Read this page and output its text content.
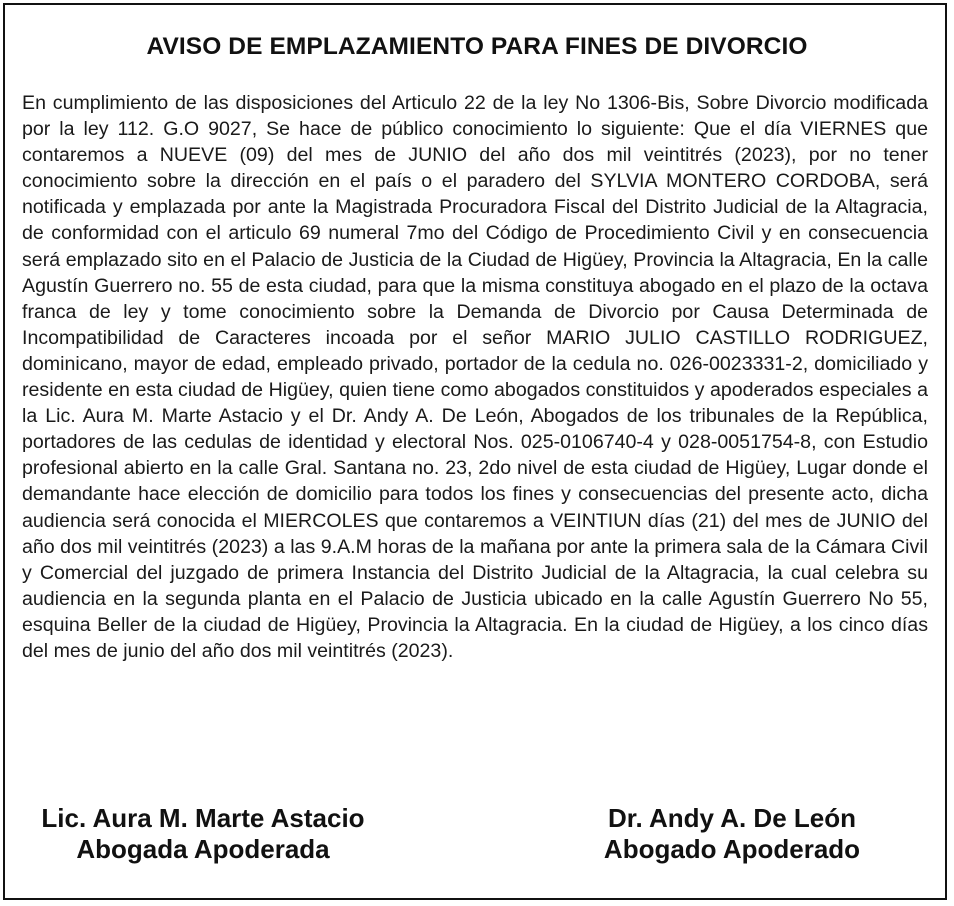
AVISO DE EMPLAZAMIENTO PARA FINES DE DIVORCIO
En cumplimiento de las disposiciones del Articulo 22 de la ley No 1306-Bis, Sobre Divorcio modificada por la ley 112. G.O 9027, Se hace de público conocimiento lo siguiente: Que el día VIERNES que contaremos a NUEVE (09) del mes de JUNIO del año dos mil veintitrés (2023), por no tener conocimiento sobre la dirección en el país o el paradero del SYLVIA MONTERO CORDOBA, será notificada y emplazada por ante la Magistrada Procuradora Fiscal del Distrito Judicial de la Altagracia, de conformidad con el articulo 69 numeral 7mo del Código de Procedimiento Civil y en consecuencia será emplazado sito en el Palacio de Justicia de la Ciudad de Higüey, Provincia la Altagracia, En la calle Agustín Guerrero no. 55 de esta ciudad, para que la misma constituya abogado en el plazo de la octava franca de ley y tome conocimiento sobre la Demanda de Divorcio por Causa Determinada de Incompatibilidad de Caracteres incoada por el señor MARIO JULIO CASTILLO RODRIGUEZ, dominicano, mayor de edad, empleado privado, portador de la cedula no. 026-0023331-2, domiciliado y residente en esta ciudad de Higüey, quien tiene como abogados constituidos y apoderados especiales a la Lic. Aura M. Marte Astacio y el Dr. Andy A. De León, Abogados de los tribunales de la República, portadores de las cedulas de identidad y electoral Nos. 025-0106740-4 y 028-0051754-8, con Estudio profesional abierto en la calle Gral. Santana no. 23, 2do nivel de esta ciudad de Higüey, Lugar donde el demandante hace elección de domicilio para todos los fines y consecuencias del presente acto, dicha audiencia será conocida el MIERCOLES que contaremos a VEINTIUN días (21) del mes de JUNIO del año dos mil veintitrés (2023) a las 9.A.M horas de la mañana por ante la primera sala de la Cámara Civil y Comercial del juzgado de primera Instancia del Distrito Judicial de la Altagracia, la cual celebra su audiencia en la segunda planta en el Palacio de Justicia ubicado en la calle Agustín Guerrero No 55, esquina Beller de la ciudad de Higüey, Provincia la Altagracia. En la ciudad de Higüey, a los cinco días del mes de junio del año dos mil veintitrés (2023).
Lic. Aura M. Marte Astacio
Abogada Apoderada
Dr. Andy A. De León
Abogado Apoderado
